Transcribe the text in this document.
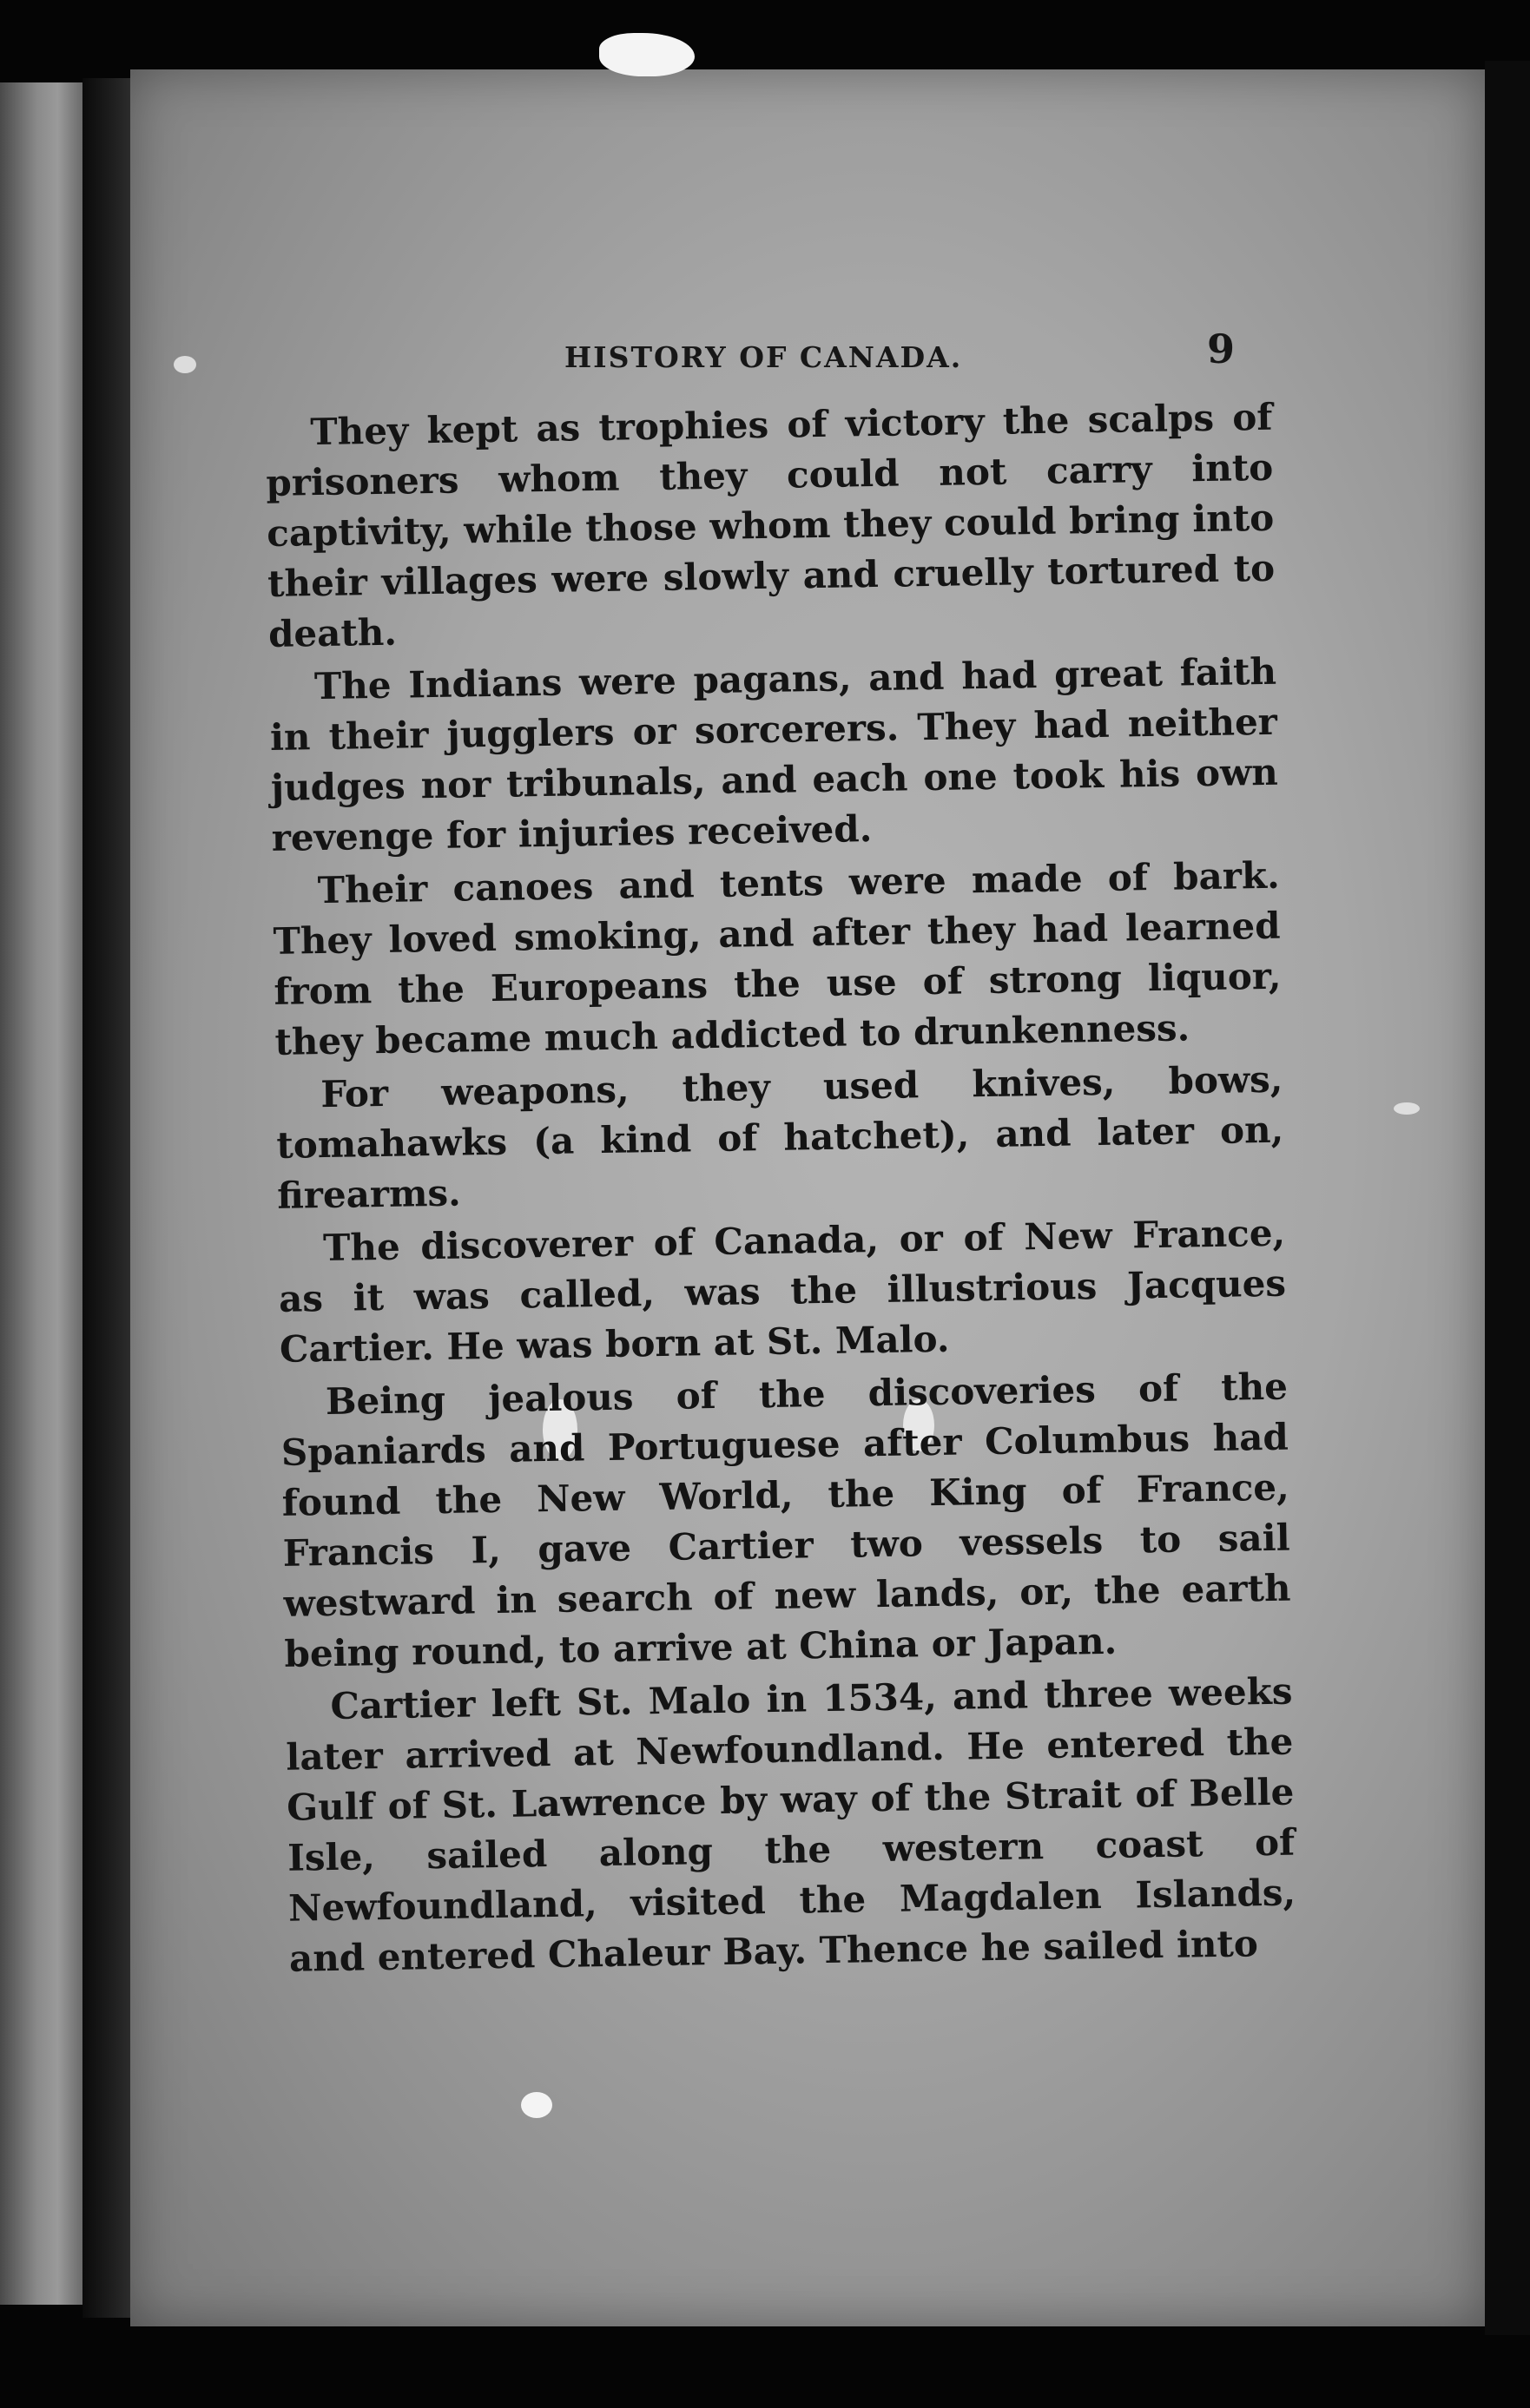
HISTORY OF CANADA.	9

They kept as trophies of victory the scalps of prisoners whom they could not carry into captivity, while those whom they could bring into their villages were slowly and cruelly tortured to death.

The Indians were pagans, and had great faith in their jugglers or sorcerers. They had neither judges nor tribunals, and each one took his own revenge for injuries received.

Their canoes and tents were made of bark. They loved smoking, and after they had learned from the Europeans the use of strong liquor, they became much addicted to drunkenness.

For weapons, they used knives, bows, tomahawks (a kind of hatchet), and later on, firearms.

The discoverer of Canada, or of New France, as it was called, was the illustrious Jacques Cartier. He was born at St. Malo.

Being jealous of the discoveries of the Spaniards and Portuguese after Columbus had found the New World, the King of France, Francis I, gave Cartier two vessels to sail westward in search of new lands, or, the earth being round, to arrive at China or Japan.

Cartier left St. Malo in 1534, and three weeks later arrived at Newfoundland. He entered the Gulf of St. Lawrence by way of the Strait of Belle Isle, sailed along the western coast of Newfoundland, visited the Magdalen Islands, and entered Chaleur Bay. Thence he sailed into
